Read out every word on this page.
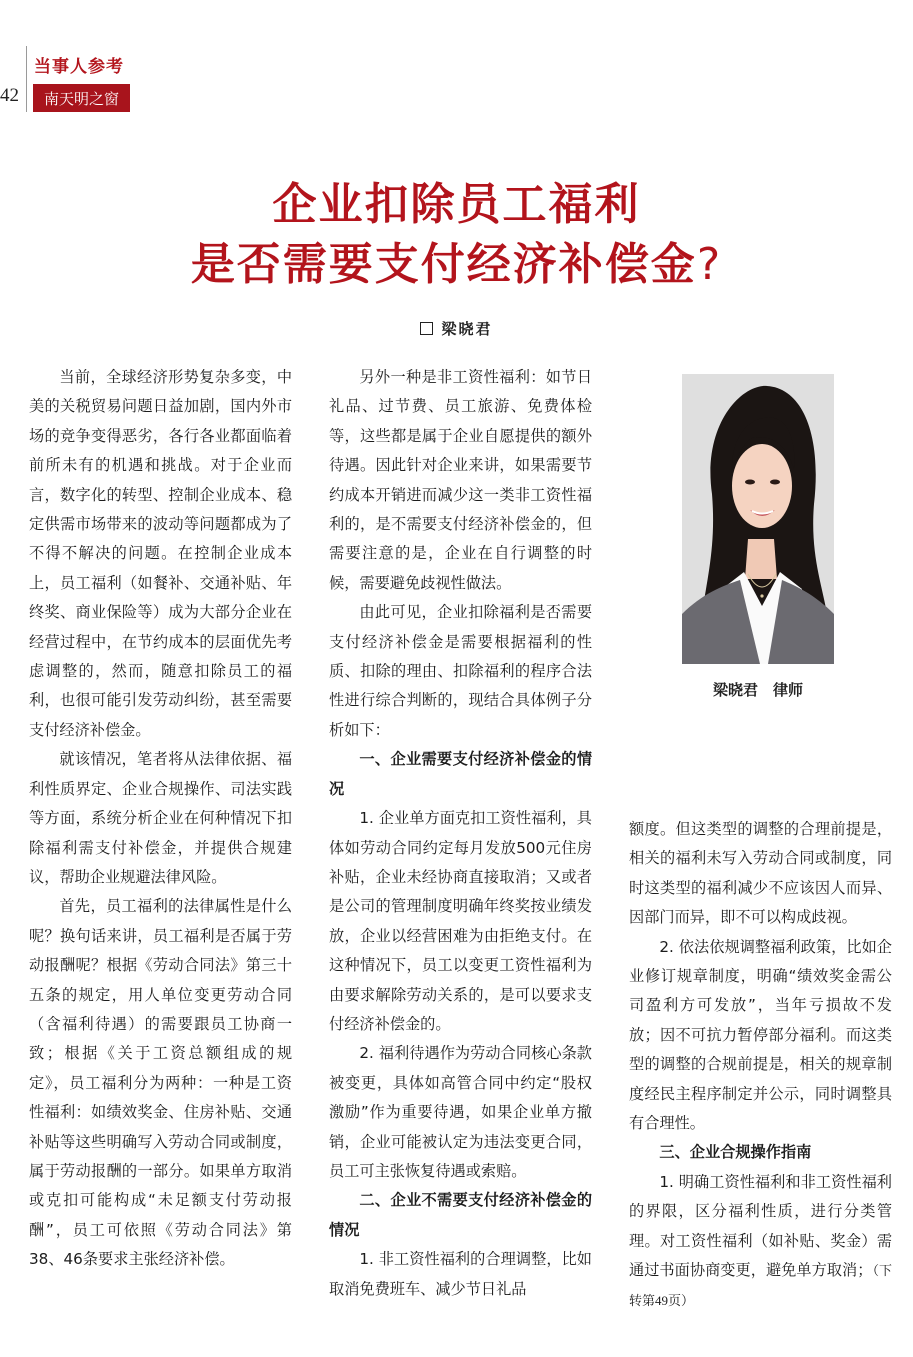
42
当事人参考
南天明之窗
企业扣除员工福利
是否需要支付经济补偿金?
梁晓君

当前，全球经济形势复杂多变，中美的关税贸易问题日益加剧，国内外市场的竞争变得恶劣，各行各业都面临着前所未有的机遇和挑战。对于企业而言，数字化的转型、控制企业成本、稳定供需市场带来的波动等问题都成为了不得不解决的问题。在控制企业成本上，员工福利（如餐补、交通补贴、年终奖、商业保险等）成为大部分企业在经营过程中，在节约成本的层面优先考虑调整的，然而，随意扣除员工的福利，也很可能引发劳动纠纷，甚至需要支付经济补偿金。

就该情况，笔者将从法律依据、福利性质界定、企业合规操作、司法实践等方面，系统分析企业在何种情况下扣除福利需支付补偿金，并提供合规建议，帮助企业规避法律风险。

首先，员工福利的法律属性是什么呢？换句话来讲，员工福利是否属于劳动报酬呢？根据《劳动合同法》第三十五条的规定，用人单位变更劳动合同（含福利待遇）的需要跟员工协商一致；根据《关于工资总额组成的规定》，员工福利分为两种：一种是工资性福利：如绩效奖金、住房补贴、交通补贴等这些明确写入劳动合同或制度，属于劳动报酬的一部分。如果单方取消或克扣可能构成“未足额支付劳动报酬”，员工可依照《劳动合同法》第38、46条要求主张经济补偿。

另外一种是非工资性福利：如节日礼品、过节费、员工旅游、免费体检等，这些都是属于企业自愿提供的额外待遇。因此针对企业来讲，如果需要节约成本开销进而减少这一类非工资性福利的，是不需要支付经济补偿金的，但需要注意的是，企业在自行调整的时候，需要避免歧视性做法。

由此可见，企业扣除福利是否需要支付经济补偿金是需要根据福利的性质、扣除的理由、扣除福利的程序合法性进行综合判断的，现结合具体例子分析如下：

一、企业需要支付经济补偿金的情况

1. 企业单方面克扣工资性福利，具体如劳动合同约定每月发放500元住房补贴，企业未经协商直接取消；又或者是公司的管理制度明确年终奖按业绩发放，企业以经营困难为由拒绝支付。在这种情况下，员工以变更工资性福利为由要求解除劳动关系的，是可以要求支付经济补偿金的。

2. 福利待遇作为劳动合同核心条款被变更，具体如高管合同中约定“股权激励”作为重要待遇，如果企业单方撤销，企业可能被认定为违法变更合同，员工可主张恢复待遇或索赔。

二、企业不需要支付经济补偿金的情况

1. 非工资性福利的合理调整，比如取消免费班车、减少节日礼品

梁晓君　律师

额度。但这类型的调整的合理前提是，相关的福利未写入劳动合同或制度，同时这类型的福利减少不应该因人而异、因部门而异，即不可以构成歧视。

2. 依法依规调整福利政策，比如企业修订规章制度，明确“绩效奖金需公司盈利方可发放”，当年亏损故不发放；因不可抗力暂停部分福利。而这类型的调整的合规前提是，相关的规章制度经民主程序制定并公示，同时调整具有合理性。

三、企业合规操作指南

1. 明确工资性福利和非工资性福利的界限，区分福利性质，进行分类管理。对工资性福利（如补贴、奖金）需通过书面协商变更，避免单方取消；（下转第49页）
